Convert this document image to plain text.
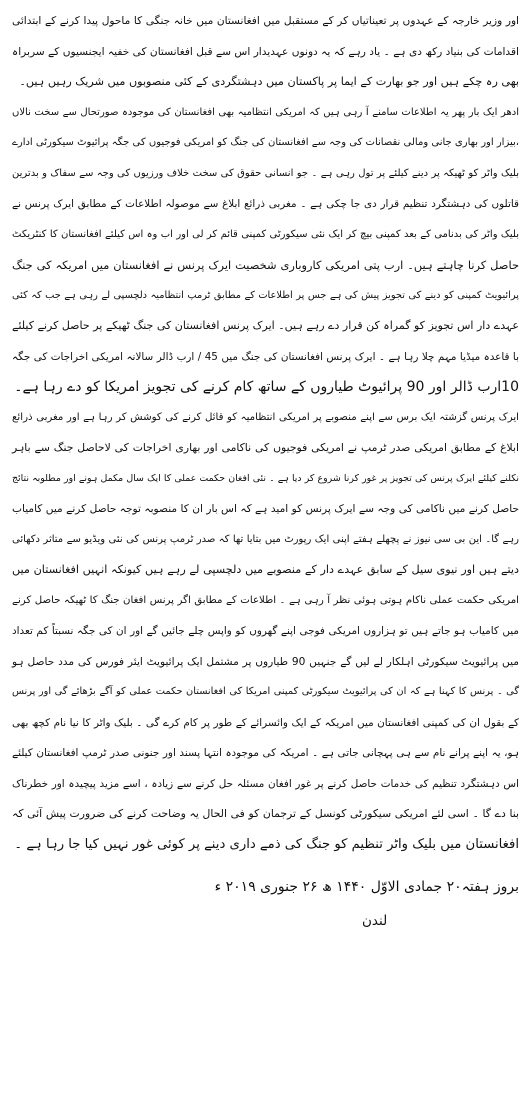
اور وزیر خارجہ کے عہدوں پر تعیناتیاں کر کے مستقبل میں افغانستان میں خانہ جنگی کا ماحول پیدا کرنے کے ابتدائی
اقدامات کی بنیاد رکھ دی ہے ۔ یاد رہے کہ یہ دونوں عہدیدار اس سے قبل افغانستان کی خفیہ ایجنسیوں کے سربراہ
بھی رہ چکے ہیں اور جو بھارت کے ایما پر پاکستان میں دہشتگردی کے کئی منصوبوں میں شریک رہیں ہیں۔

ادھر ایک بار پھر یہ اطلاعات سامنے آ رہی ہیں کہ امریکی انتظامیہ بھی افغانستان کی موجودہ صورتحال سے سخت نالاں
،بیزار اور بھاری جانی ومالی نقصانات کی وجہ سے افغانستان کی جنگ کو امریکی فوجیوں کی جگہ پرائیوٹ سیکورٹی ادارے
بلیک واٹر کو ٹھیکہ پر دینے کیلئے پر تول رہی ہے ۔ جو انسانی حقوق کی سخت خلاف ورزیوں کی وجہ سے سفاک و بدترین
قاتلوں کی دہشتگرد تنظیم قرار دی جا چکی ہے ۔ مغربی ذرائع ابلاغ سے موصولہ اطلاعات کے مطابق ایرک پرنس نے
بلیک واٹر کی بدنامی کے بعد کمپنی بیچ کر ایک نئی سیکورٹی کمپنی قائم کر لی اور اب وہ اس کیلئے افغانستان کا کنٹریکٹ
حاصل کرنا چاہتے ہیں۔ ارب پتی امریکی کاروباری شخصیت ایرک پرنس نے افغانستان میں امریکہ کی جنگ
پرائیویٹ کمپنی کو دینے کی تجویز پیش کی ہے جس پر اطلاعات کے مطابق ٹرمپ انتظامیہ دلچسپی لے رہی ہے جب کہ کئی
عہدے دار اس تجویز کو گمراہ کن قرار دے رہے ہیں۔ ایرک پرنس افغانستان کی جنگ ٹھیکے پر حاصل کرنے کیلئے
با قاعدہ میڈیا مہم چلا رہا ہے ۔ ایرک پرنس افغانستان کی جنگ میں 45 / ارب ڈالر سالانہ امریکی اخراجات کی جگہ
10ارب ڈالر اور 90 پرائیوٹ طیاروں کے ساتھ کام کرنے کی تجویز امریکا کو دے رہا ہے۔

ایرک پرنس گزشتہ ایک برس سے اپنے منصوبے پر امریکی انتظامیہ کو قائل کرنے کی کوشش کر رہا ہے اور مغربی ذرائع
ابلاغ کے مطابق امریکی صدر ٹرمپ نے امریکی فوجیوں کی ناکامی اور بھاری اخراجات کی لاحاصل جنگ سے باہر
نکلنے کیلئے ایرک پرنس کی تجویز پر غور کرنا شروع کر دیا ہے ۔ نئی افغان حکمت عملی کا ایک سال مکمل ہونے اور مطلوبہ نتائج
حاصل کرنے میں ناکامی کی وجہ سے ایرک پرنس کو امید ہے کہ اس بار ان کا منصوبہ توجہ حاصل کرنے میں کامیاب
رہے گا۔ این بی سی نیوز نے پچھلے ہفتے اپنی ایک رپورٹ میں بتایا تھا کہ صدر ٹرمپ پرنس کی نئی ویڈیو سے متاثر دکھائی
دیتے ہیں اور نیوی سیل کے سابق عہدے دار کے منصوبے میں دلچسپی لے رہے ہیں کیونکہ انہیں افغانستان میں
امریکی حکمت عملی ناکام ہوتی ہوئی نظر آ رہی ہے ۔ اطلاعات کے مطابق اگر پرنس افغان جنگ کا ٹھیکہ حاصل کرنے
میں کامیاب ہو جاتے ہیں تو ہزاروں امریکی فوجی اپنے گھروں کو واپس چلے جائیں گے اور ان کی جگہ نسبتاً کم تعداد
میں پرائیویٹ سیکورٹی اہلکار لے لیں گے جنہیں 90 طیاروں پر مشتمل ایک پرائیویٹ ایئر فورس کی مدد حاصل ہو
گی ۔ پرنس کا کہنا ہے کہ ان کی پرائیویٹ سیکورٹی کمپنی امریکا کی افغانستان حکمت عملی کو آگے بڑھائے گی اور پرنس
کے بقول ان کی کمپنی افغانستان میں امریکہ کے ایک وائسرائے کے طور پر کام کرے گی ۔ بلیک واٹر کا نیا نام کچھ بھی
ہو، یہ اپنے پرانے نام سے ہی پہچانی جاتی ہے ۔ امریکہ کی موجودہ انتہا پسند اور جنونی صدر ٹرمپ افغانستان کیلئے
اس دہشتگرد تنظیم کی خدمات حاصل کرنے پر غور افغان مسئلہ حل کرنے سے زیادہ ، اسے مزید پیچیدہ اور خطرناک
بنا دے گا ۔ اسی لئے امریکی سیکورٹی کونسل کے ترجمان کو فی الحال یہ وضاحت کرنے کی ضرورت پیش آئی کہ
افغانستان میں بلیک واٹر تنظیم کو جنگ کی ذمے داری دینے پر کوئی غور نہیں کیا جا رہا ہے ۔

بروز ہفتہ۲۰ جمادی الاوّل ۱۴۴۰ ھ ۲۶ جنوری ۲۰۱۹ ء

لندن
